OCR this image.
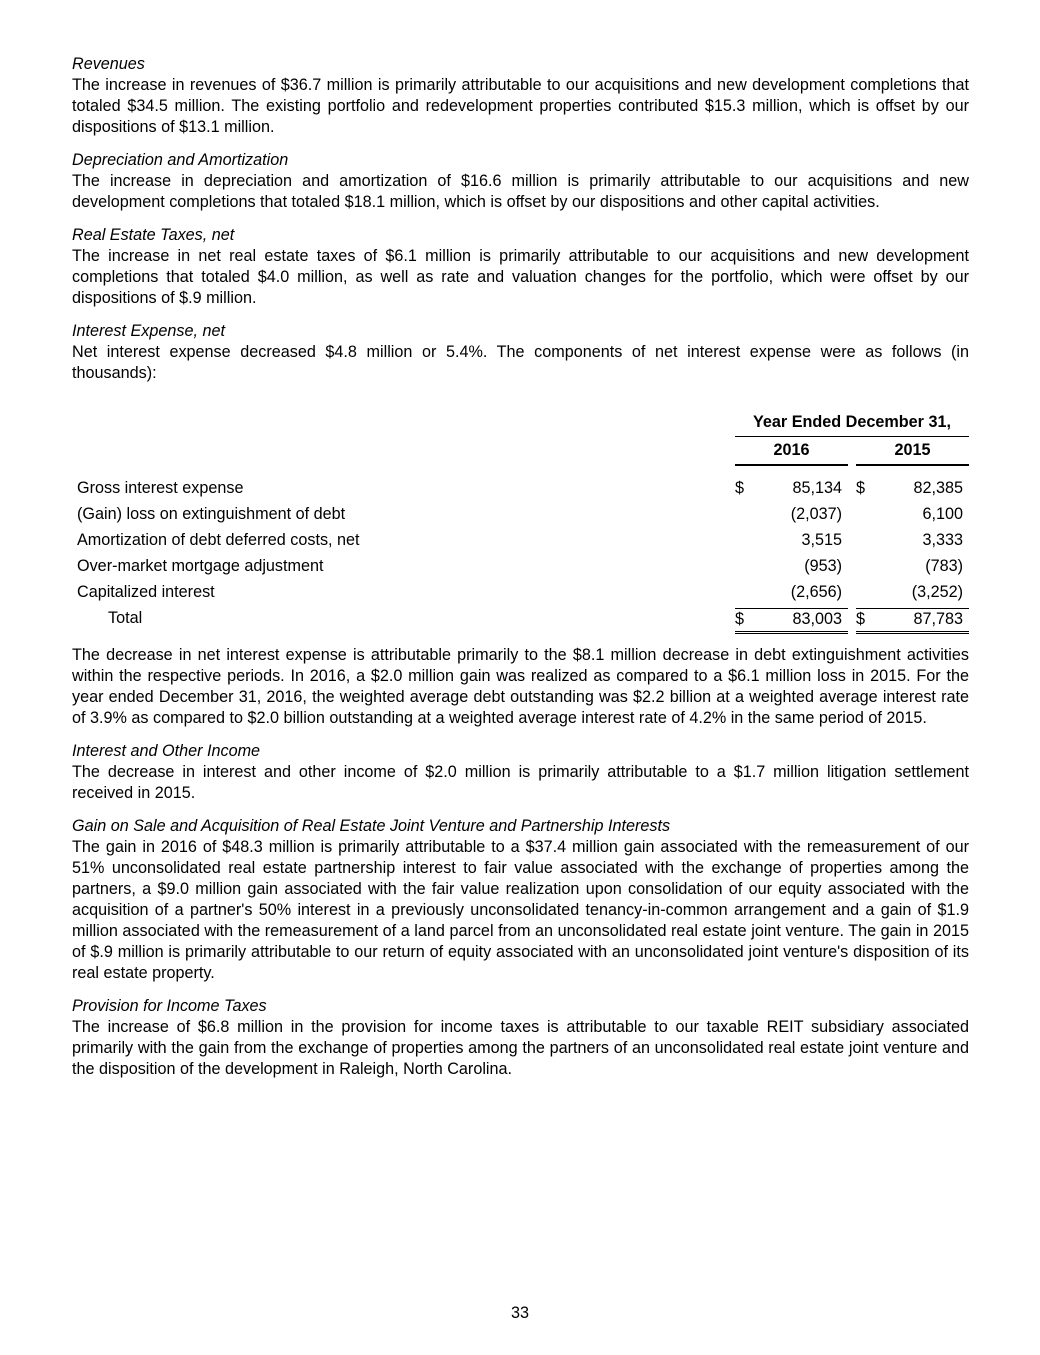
Revenues
The increase in revenues of $36.7 million is primarily attributable to our acquisitions and new development completions that totaled $34.5 million. The existing portfolio and redevelopment properties contributed $15.3 million, which is offset by our dispositions of $13.1 million.
Depreciation and Amortization
The increase in depreciation and amortization of $16.6 million is primarily attributable to our acquisitions and new development completions that totaled $18.1 million, which is offset by our dispositions and other capital activities.
Real Estate Taxes, net
The increase in net real estate taxes of $6.1 million is primarily attributable to our acquisitions and new development completions that totaled $4.0 million, as well as rate and valuation changes for the portfolio, which were offset by our dispositions of $.9 million.
Interest Expense, net
Net interest expense decreased $4.8 million or 5.4%. The components of net interest expense were as follows (in thousands):
Year Ended December 31,
2016	2015
Gross interest expense	$	85,134 $	82,385
(Gain) loss on extinguishment of debt	(2,037)	6,100
Amortization of debt deferred costs, net	3,515	3,333
Over-market mortgage adjustment	(953)	(783)
Capitalized interest	(2,656)	(3,252)
Total	$	83,003 $	87,783
The decrease in net interest expense is attributable primarily to the $8.1 million decrease in debt extinguishment activities within the respective periods. In 2016, a $2.0 million gain was realized as compared to a $6.1 million loss in 2015. For the year ended December 31, 2016, the weighted average debt outstanding was $2.2 billion at a weighted average interest rate of 3.9% as compared to $2.0 billion outstanding at a weighted average interest rate of 4.2% in the same period of 2015.
Interest and Other Income
The decrease in interest and other income of $2.0 million is primarily attributable to a $1.7 million litigation settlement received in 2015.
Gain on Sale and Acquisition of Real Estate Joint Venture and Partnership Interests
The gain in 2016 of $48.3 million is primarily attributable to a $37.4 million gain associated with the remeasurement of our 51% unconsolidated real estate partnership interest to fair value associated with the exchange of properties among the partners, a $9.0 million gain associated with the fair value realization upon consolidation of our equity associated with the acquisition of a partner's 50% interest in a previously unconsolidated tenancy-in-common arrangement and a gain of $1.9 million associated with the remeasurement of a land parcel from an unconsolidated real estate joint venture. The gain in 2015 of $.9 million is primarily attributable to our return of equity associated with an unconsolidated joint venture's disposition of its real estate property.
Provision for Income Taxes
The increase of $6.8 million in the provision for income taxes is attributable to our taxable REIT subsidiary associated primarily with the gain from the exchange of properties among the partners of an unconsolidated real estate joint venture and the disposition of the development in Raleigh, North Carolina.
33
